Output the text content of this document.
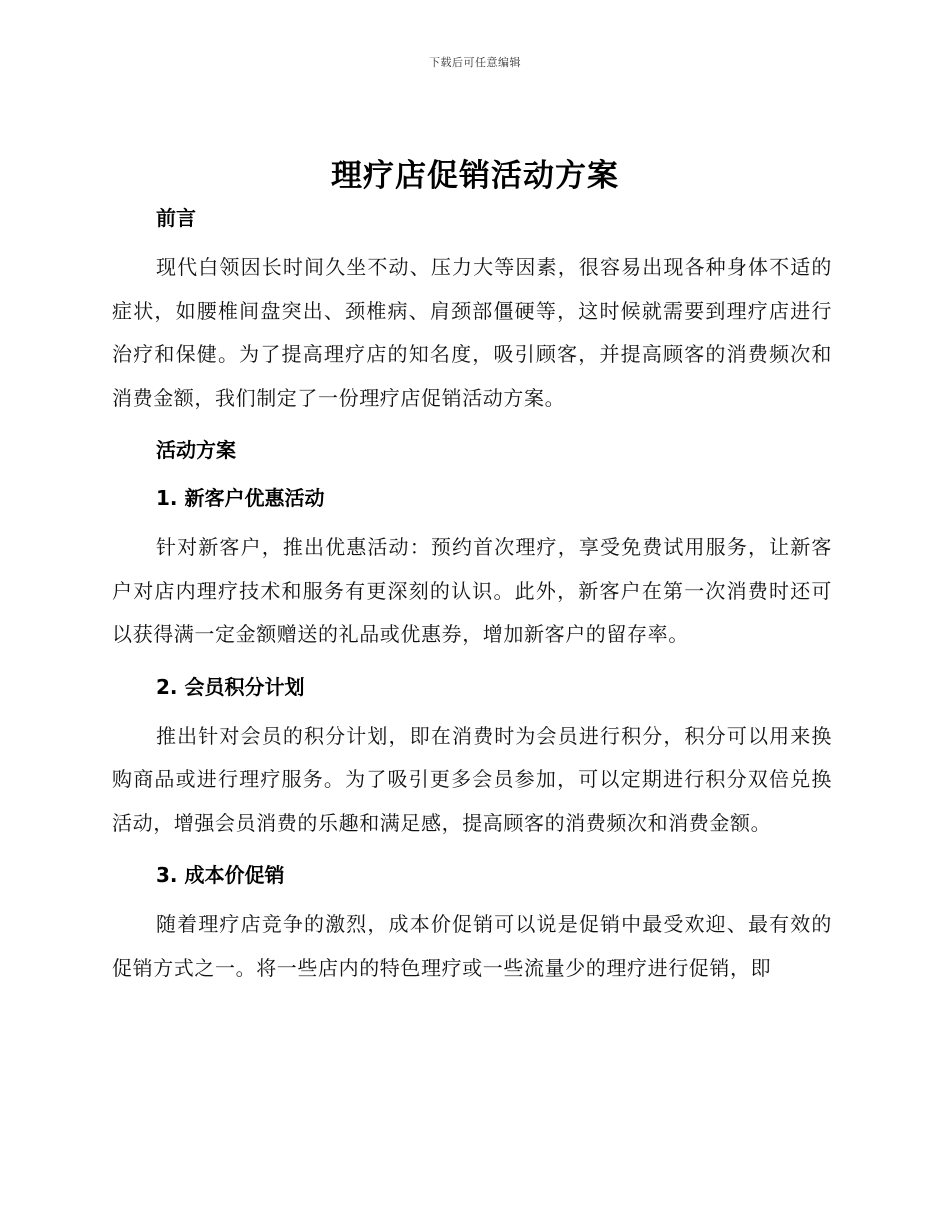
下载后可任意编辑
理疗店促销活动方案
前言

现代白领因长时间久坐不动、压力大等因素，很容易出现各种身体不适的症状，如腰椎间盘突出、颈椎病、肩颈部僵硬等，这时候就需要到理疗店进行治疗和保健。为了提高理疗店的知名度，吸引顾客，并提高顾客的消费频次和消费金额，我们制定了一份理疗店促销活动方案。

活动方案
1. 新客户优惠活动

针对新客户，推出优惠活动：预约首次理疗，享受免费试用服务，让新客户对店内理疗技术和服务有更深刻的认识。此外，新客户在第一次消费时还可以获得满一定金额赠送的礼品或优惠券，增加新客户的留存率。

2. 会员积分计划

推出针对会员的积分计划，即在消费时为会员进行积分，积分可以用来换购商品或进行理疗服务。为了吸引更多会员参加，可以定期进行积分双倍兑换活动，增强会员消费的乐趣和满足感，提高顾客的消费频次和消费金额。

3. 成本价促销

随着理疗店竞争的激烈，成本价促销可以说是促销中最受欢迎、最有效的促销方式之一。将一些店内的特色理疗或一些流量少的理疗进行促销，即
